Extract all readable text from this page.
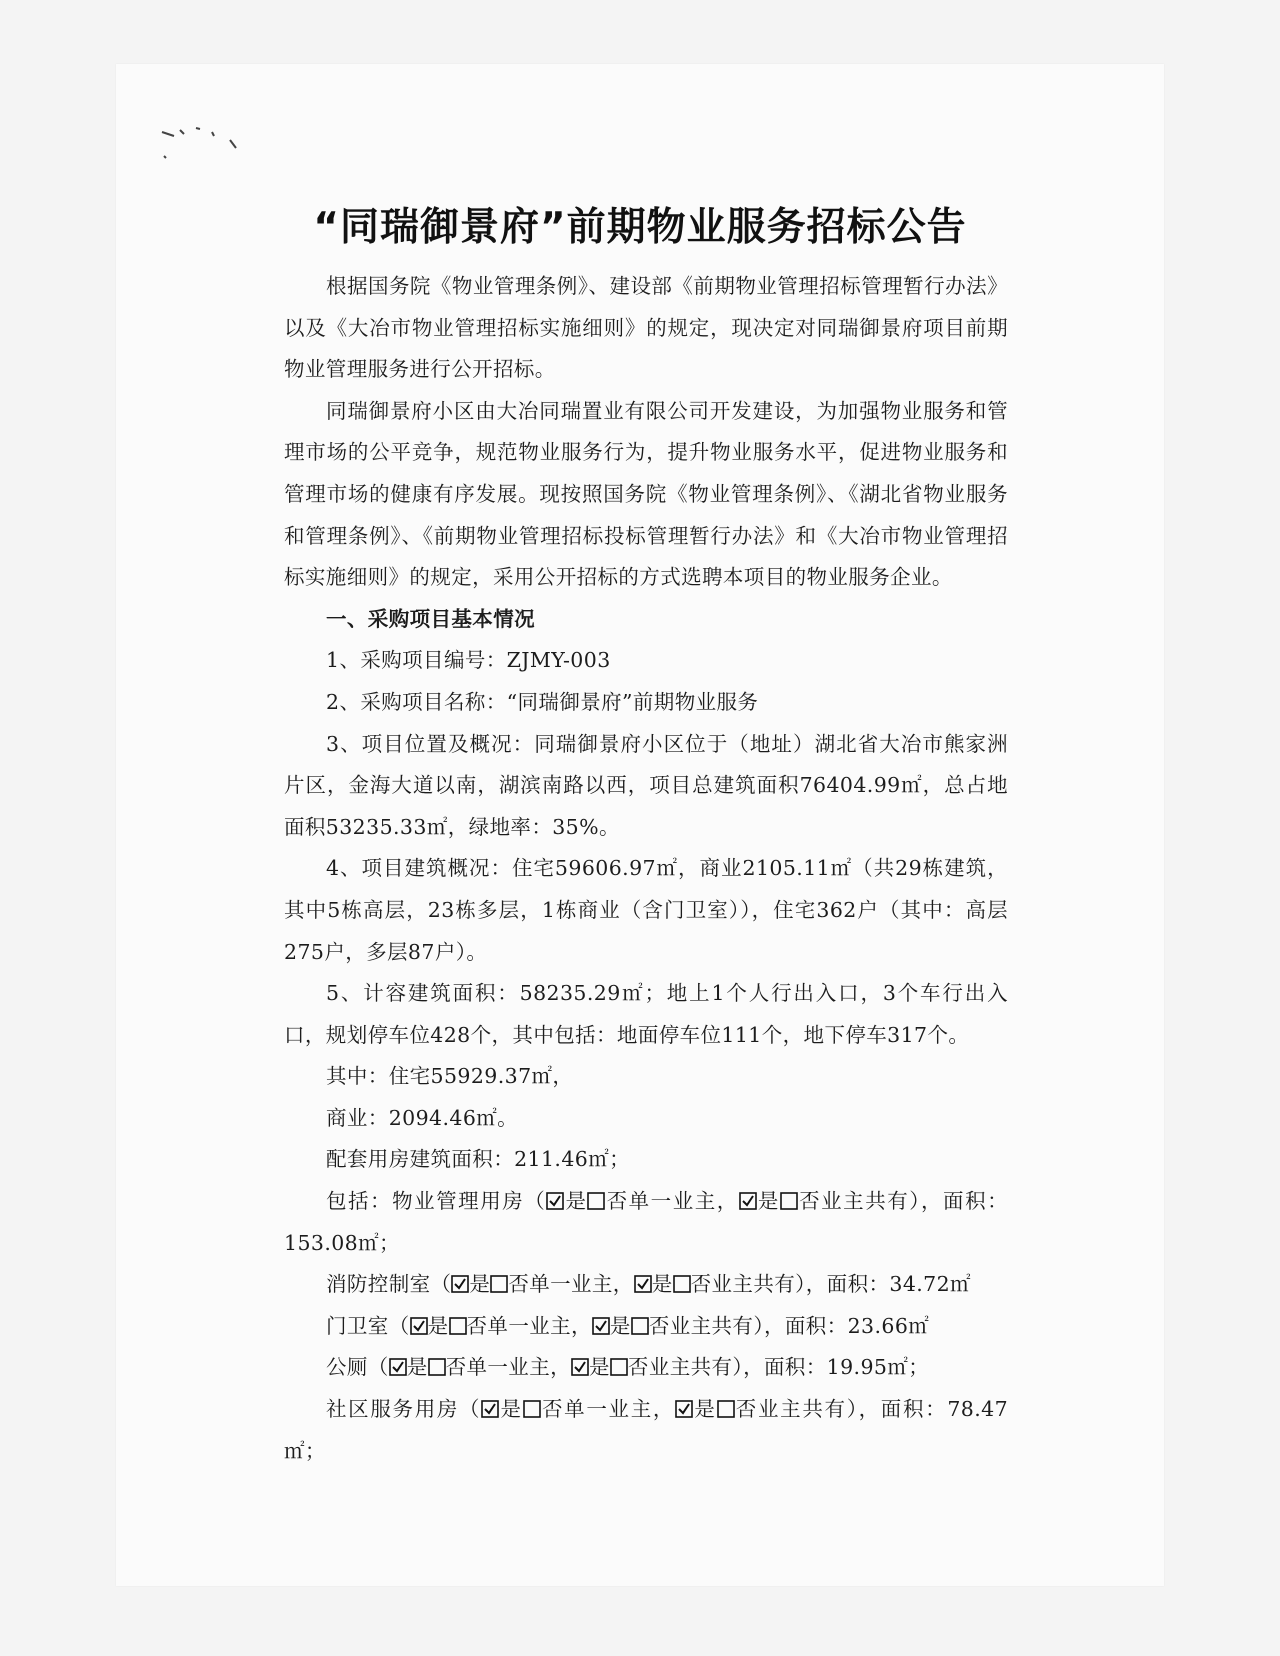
“同瑞御景府”前期物业服务招标公告

根据国务院《物业管理条例》、建设部《前期物业管理招标管理暂行办法》以及《大冶市物业管理招标实施细则》的规定，现决定对同瑞御景府项目前期物业管理服务进行公开招标。

同瑞御景府小区由大冶同瑞置业有限公司开发建设，为加强物业服务和管理市场的公平竞争，规范物业服务行为，提升物业服务水平，促进物业服务和管理市场的健康有序发展。现按照国务院《物业管理条例》、《湖北省物业服务和管理条例》、《前期物业管理招标投标管理暂行办法》和《大冶市物业管理招标实施细则》的规定，采用公开招标的方式选聘本项目的物业服务企业。

一、采购项目基本情况

1、采购项目编号：ZJMY-003

2、采购项目名称：“同瑞御景府”前期物业服务

3、项目位置及概况：同瑞御景府小区位于（地址）湖北省大冶市熊家洲片区，金海大道以南，湖滨南路以西，项目总建筑面积76404.99㎡，总占地面积53235.33㎡，绿地率：35%。

4、项目建筑概况：住宅59606.97㎡，商业2105.11㎡（共29栋建筑，其中5栋高层，23栋多层，1栋商业（含门卫室）），住宅362户（其中：高层275户，多层87户）。

5、计容建筑面积：58235.29㎡；地上1个人行出入口，3个车行出入口，规划停车位428个，其中包括：地面停车位111个，地下停车317个。

其中：住宅55929.37㎡，

商业：2094.46㎡。

配套用房建筑面积：211.46㎡；

包括：物业管理用房（ 是 否单一业主， 是 否业主共有），面积：153.08㎡；

消防控制室（ 是 否单一业主， 是 否业主共有），面积：34.72㎡

门卫室（ 是 否单一业主， 是 否业主共有），面积：23.66㎡

公厕（ 是 否单一业主， 是 否业主共有），面积：19.95㎡；

社区服务用房（ 是 否单一业主， 是 否业主共有），面积：78.47㎡；
